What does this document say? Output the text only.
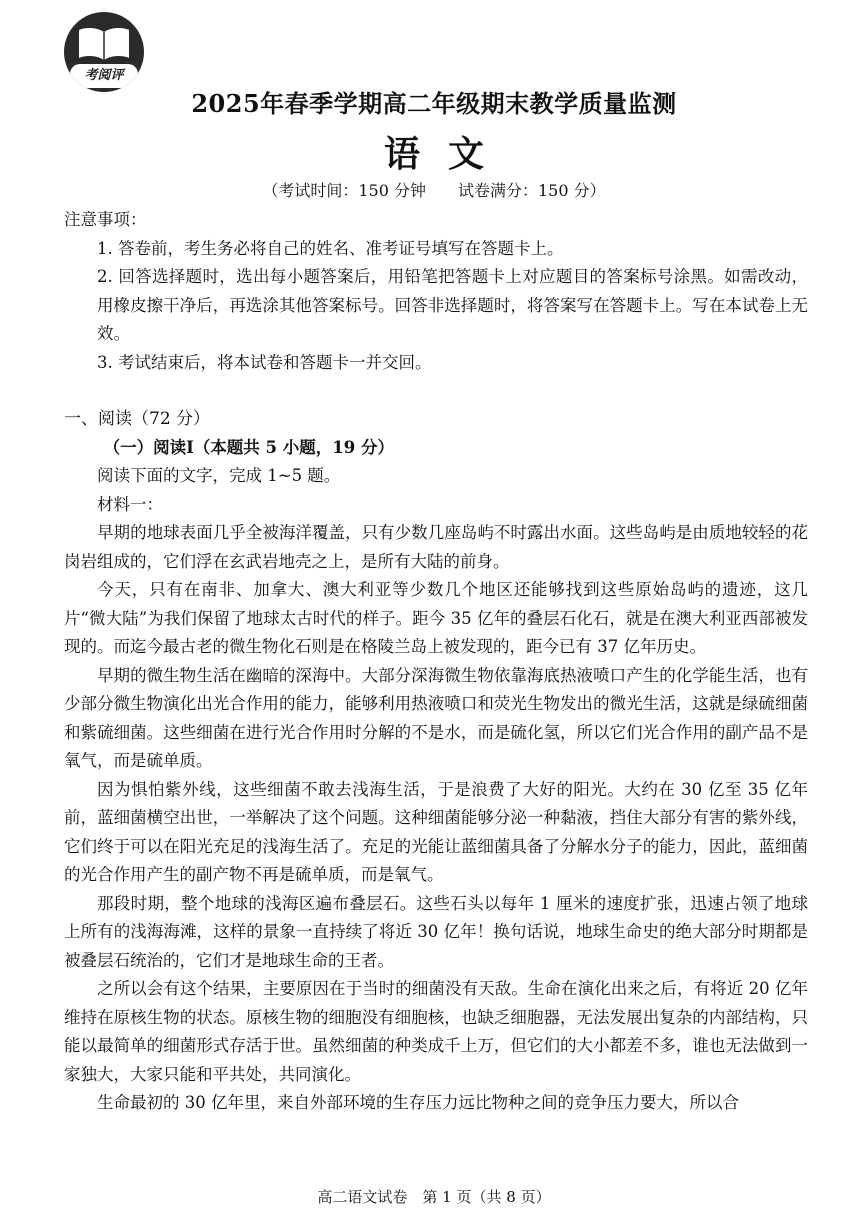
考阅评
2025年春季学期高二年级期末教学质量监测
语文
（考试时间：150 分钟　　试卷满分：150 分）

注意事项：

1. 答卷前，考生务必将自己的姓名、准考证号填写在答题卡上。

2. 回答选择题时，选出每小题答案后，用铅笔把答题卡上对应题目的答案标号涂黑。如需改动，用橡皮擦干净后，再选涂其他答案标号。回答非选择题时，将答案写在答题卡上。写在本试卷上无效。

3. 考试结束后，将本试卷和答题卡一并交回。

一、阅读（72 分）

（一）阅读Ⅰ（本题共 5 小题，19 分）

阅读下面的文字，完成 1~5 题。

材料一：

早期的地球表面几乎全被海洋覆盖，只有少数几座岛屿不时露出水面。这些岛屿是由质地较轻的花岗岩组成的，它们浮在玄武岩地壳之上，是所有大陆的前身。

今天，只有在南非、加拿大、澳大利亚等少数几个地区还能够找到这些原始岛屿的遗迹，这几片“微大陆”为我们保留了地球太古时代的样子。距今 35 亿年的叠层石化石，就是在澳大利亚西部被发现的。而迄今最古老的微生物化石则是在格陵兰岛上被发现的，距今已有 37 亿年历史。

早期的微生物生活在幽暗的深海中。大部分深海微生物依靠海底热液喷口产生的化学能生活，也有少部分微生物演化出光合作用的能力，能够利用热液喷口和荧光生物发出的微光生活，这就是绿硫细菌和紫硫细菌。这些细菌在进行光合作用时分解的不是水，而是硫化氢，所以它们光合作用的副产品不是氧气，而是硫单质。

因为惧怕紫外线，这些细菌不敢去浅海生活，于是浪费了大好的阳光。大约在 30 亿至 35 亿年前，蓝细菌横空出世，一举解决了这个问题。这种细菌能够分泌一种黏液，挡住大部分有害的紫外线，它们终于可以在阳光充足的浅海生活了。充足的光能让蓝细菌具备了分解水分子的能力，因此，蓝细菌的光合作用产生的副产物不再是硫单质，而是氧气。

那段时期，整个地球的浅海区遍布叠层石。这些石头以每年 1 厘米的速度扩张，迅速占领了地球上所有的浅海海滩，这样的景象一直持续了将近 30 亿年！换句话说，地球生命史的绝大部分时期都是被叠层石统治的，它们才是地球生命的王者。

之所以会有这个结果，主要原因在于当时的细菌没有天敌。生命在演化出来之后，有将近 20 亿年维持在原核生物的状态。原核生物的细胞没有细胞核，也缺乏细胞器，无法发展出复杂的内部结构，只能以最简单的细菌形式存活于世。虽然细菌的种类成千上万，但它们的大小都差不多，谁也无法做到一家独大，大家只能和平共处，共同演化。

生命最初的 30 亿年里，来自外部环境的生存压力远比物种之间的竞争压力要大，所以合

高二语文试卷　第 1 页（共 8 页）
